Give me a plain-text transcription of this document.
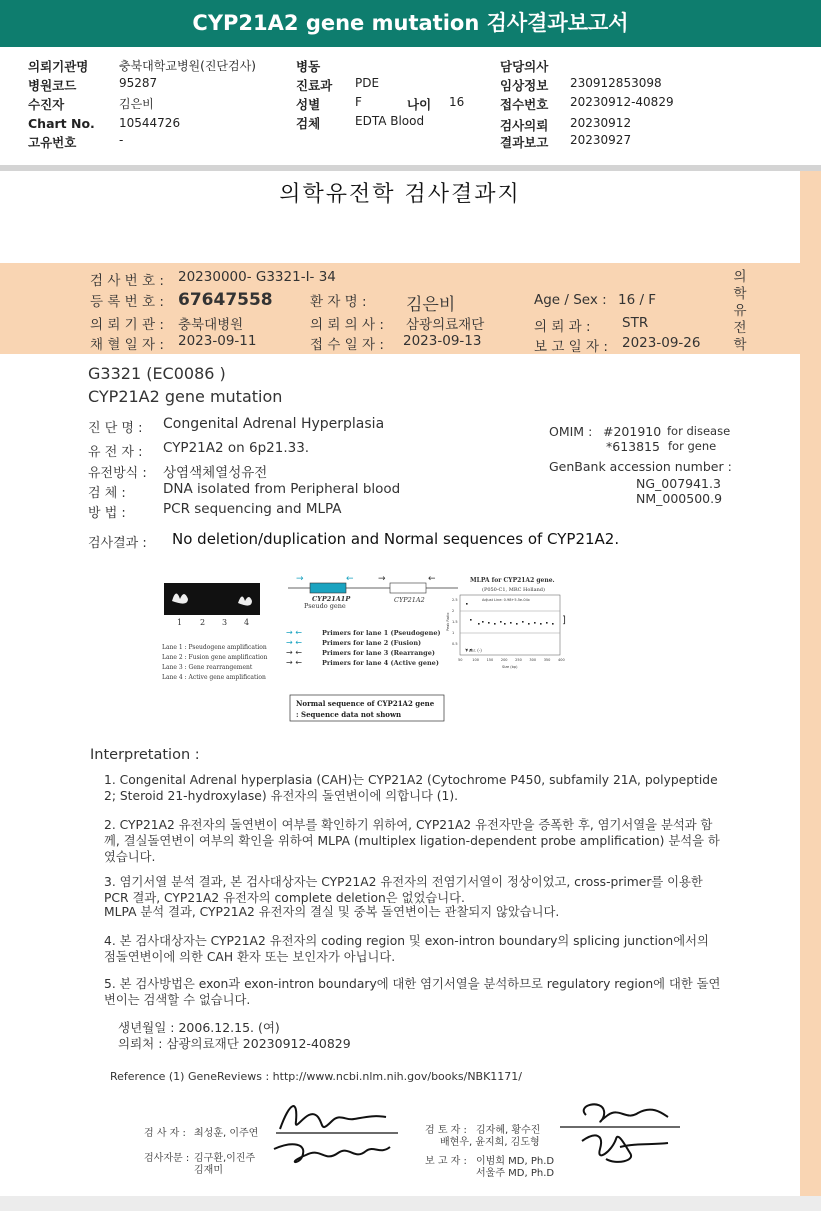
CYP21A2 gene mutation 검사결과보고서
의뢰기관명	충북대학교병원(진단검사)
병원코드	95287
수진자	김은비
Chart No. 10544726
고유번호	-
병동
진료과 PDE
성별	F	나이 16
검체	EDTA Blood
담당의사
임상정보 230912853098
접수번호 20230912-40829
검사의뢰 20230912
결과보고 20230927
의학유전학 검사결과지
검 사 번 호 : 20230000- G3321-I- 34
등 록 번 호 : 67647558	환 자 명 : 김은비	Age / Sex : 16 / F
의 뢰 기 관 : 충북대병원	의 뢰 의 사 : 삼광의료재단	의 뢰 과 : STR
채 혈 일 자 : 2023-09-11	접 수 일 자 : 2023-09-13	보 고 일 자 : 2023-09-26
의학유전학
G3321 (EC0086 )
CYP21A2 gene mutation
진 단 명 : Congenital Adrenal Hyperplasia
유 전 자 : CYP21A2 on 6p21.33.
유전방식 : 상염색체열성유전
검 체 :	DNA isolated from Peripheral blood
방 법 :	PCR sequencing and MLPA
OMIM : #201910 for disease
*613815 for gene
GenBank accession number :
NG_007941.3
NM_000500.9
검사결과 : No deletion/duplication and Normal sequences of CYP21A2.
1 2 3 4
Lane 1 : Pseudogene amplification
Lane 2 : Fusion gene amplification
Lane 3 : Gene rearrangement
Lane 4 : Active gene amplification
CYP21A1P
Pseudo gene
CYP21A2
→	←	→	←
→ ←
→ ←
→ ←
→ ←
Primers for lane 1 (Pseudogene)
Primers for lane 2 (Fusion)
Primers for lane 3 (Rearrange)
Primers for lane 4 (Active gene)
MLPA for CYP21A2 gene.
(P050-C1, MRC Holland)
Adjust Line: 0.98+5.5e-04x
Peak Ratio
2.5
2
1.5
1
0.5
Y chr. (-)
50	100 150 200 250 300 350 400
Size (bp)
]
Normal sequence of CYP21A2 gene
: Sequence data not shown
Interpretation :
1. Congenital Adrenal hyperplasia (CAH)는 CYP21A2 (Cytochrome P450, subfamily 21A, polypeptide 2; Steroid 21-hydroxylase) 유전자의 돌연변이에 의합니다 (1).
2. CYP21A2 유전자의 돌연변이 여부를 확인하기 위하여, CYP21A2 유전자만을 증폭한 후, 염기서열을 분석과 함께, 결실돌연변이 여부의 확인을 위하여 MLPA (multiplex ligation-dependent probe amplification) 분석을 하였습니다.
3. 염기서열 분석 결과, 본 검사대상자는 CYP21A2 유전자의 전염기서열이 정상이었고, cross-primer를 이용한 PCR 결과, CYP21A2 유전자의 complete deletion은 없었습니다.
MLPA 분석 결과, CYP21A2 유전자의 결실 및 중복 돌연변이는 관찰되지 않았습니다.
4. 본 검사대상자는 CYP21A2 유전자의 coding region 및 exon-intron boundary의 splicing junction에서의 점돌연변이에 의한 CAH 환자 또는 보인자가 아닙니다.
5. 본 검사방법은 exon과 exon-intron boundary에 대한 염기서열을 분석하므로 regulatory region에 대한 돌연변이는 검색할 수 없습니다.
생년월일 : 2006.12.15. (여)
의뢰처 : 삼광의료재단 20230912-40829
Reference (1) GeneReviews : http://www.ncbi.nlm.nih.gov/books/NBK1171/
검 사 자 : 최성훈, 이주연
검사자문 : 김구환,이진주
김재미
검 토 자 : 김자혜, 황수진
배현우, 윤지희, 김도형
보 고 자 : 이범희 MD, Ph.D
서울주 MD, Ph.D
